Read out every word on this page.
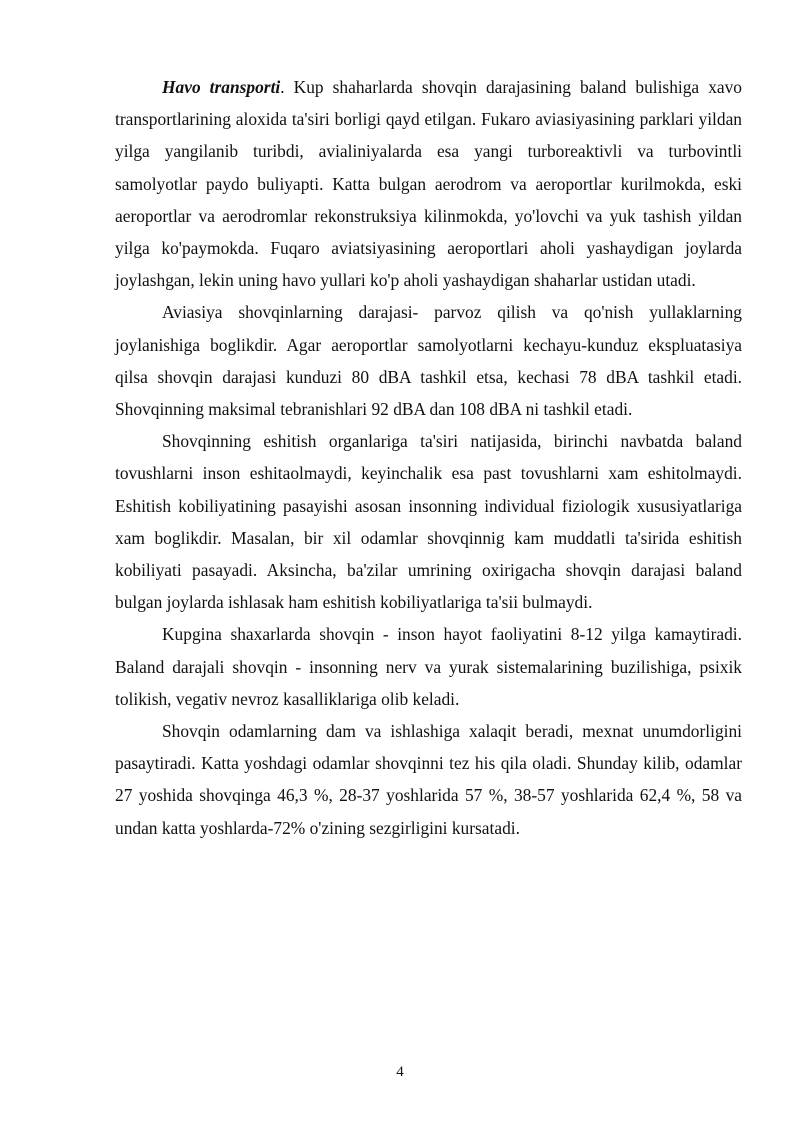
Havo transporti. Kup shaharlarda shovqin darajasining baland bulishiga xavo transportlarining aloxida ta'siri borligi qayd etilgan. Fukaro aviasiyasining parklari yildan yilga yangilanib turibdi, avialiniyalarda esa yangi turboreaktivli va turbovintli samolyotlar paydo buliyapti. Katta bulgan aerodrom va aeroportlar kurilmokda, eski aeroportlar va aerodromlar rekonstruksiya kilinmokda, yo'lovchi va yuk tashish yildan yilga ko'paymokda. Fuqaro aviatsiyasining aeroportlari aholi yashaydigan joylarda joylashgan, lekin uning havo yullari ko'p aholi yashaydigan shaharlar ustidan utadi.

Aviasiya shovqinlarning darajasi- parvoz qilish va qo'nish yullaklarning joylanishiga boglikdir. Agar aeroportlar samolyotlarni kechayu-kunduz ekspluatasiya qilsa shovqin darajasi kunduzi 80 dBA tashkil etsa, kechasi 78 dBA tashkil etadi. Shovqinning maksimal tebranishlari 92 dBA dan 108 dBA ni tashkil etadi.

Shovqinning eshitish organlariga ta'siri natijasida, birinchi navbatda baland tovushlarni inson eshitaolmaydi, keyinchalik esa past tovushlarni xam eshitolmaydi. Eshitish kobiliyatining pasayishi asosan insonning individual fiziologik xususiyatlariga xam boglikdir. Masalan, bir xil odamlar shovqinnig kam muddatli ta'sirida eshitish kobiliyati pasayadi. Aksincha, ba'zilar umrining oxirigacha shovqin darajasi baland bulgan joylarda ishlasak ham eshitish kobiliyatlariga ta'sii bulmaydi.

Kupgina shaxarlarda shovqin - inson hayot faoliyatini 8-12 yilga kamaytiradi. Baland darajali shovqin - insonning nerv va yurak sistemalarining buzilishiga, psixik tolikish, vegativ nevroz kasalliklariga olib keladi.

Shovqin odamlarning dam va ishlashiga xalaqit beradi, mexnat unumdorligini pasaytiradi. Katta yoshdagi odamlar shovqinni tez his qila oladi. Shunday kilib, odamlar 27 yoshida shovqinga 46,3 %, 28-37 yoshlarida 57 %, 38-57 yoshlarida 62,4 %, 58 va undan katta yoshlarda-72% o'zining sezgirligini kursatadi.

4
